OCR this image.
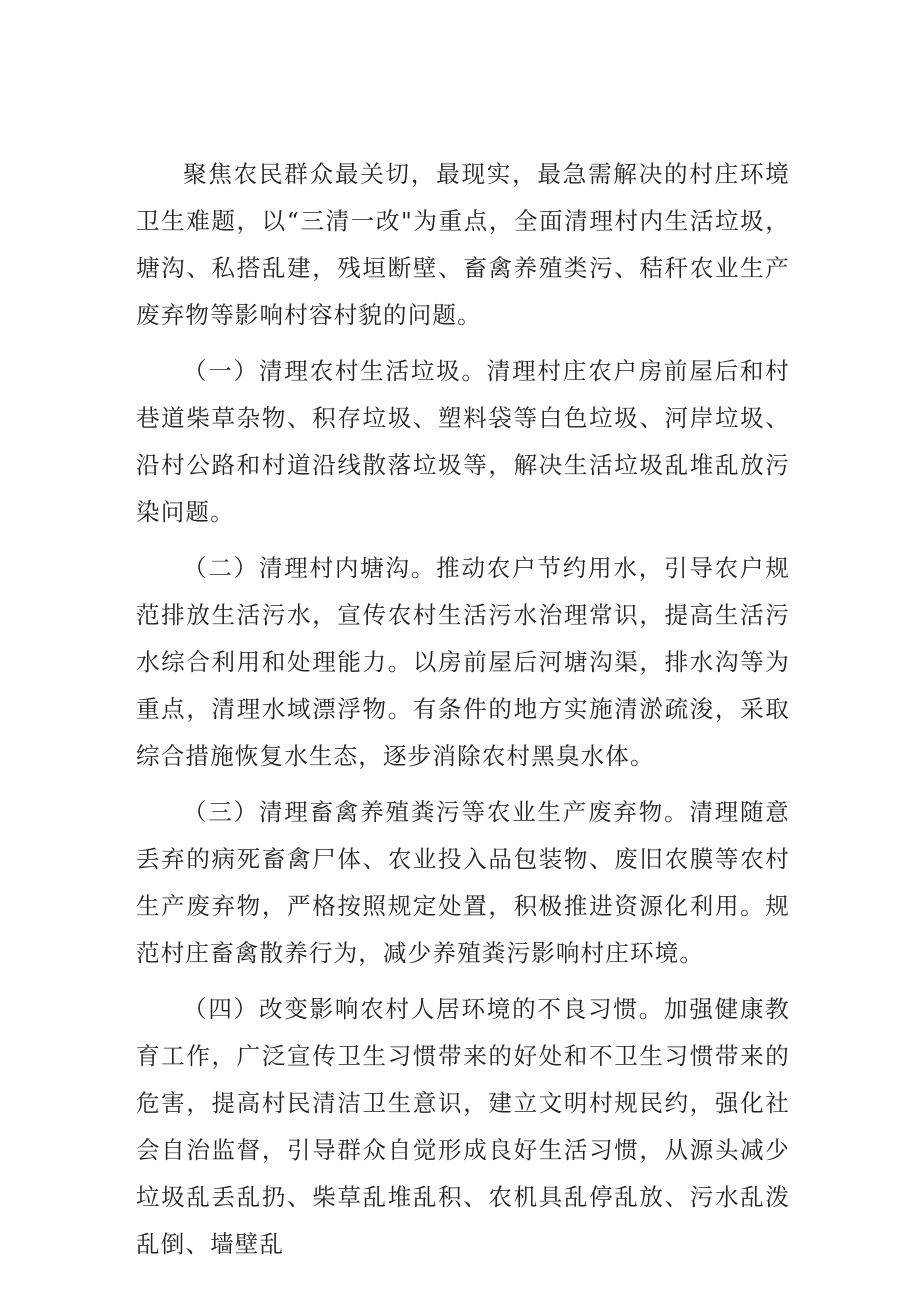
聚焦农民群众最关切，最现实，最急需解决的村庄环境卫生难题，以“三清一改"为重点，全面清理村内生活垃圾，塘沟、私搭乱建，残垣断壁、畜禽养殖类污、秸秆农业生产废弃物等影响村容村貌的问题。

（一）清理农村生活垃圾。清理村庄农户房前屋后和村巷道柴草杂物、积存垃圾、塑料袋等白色垃圾、河岸垃圾、沿村公路和村道沿线散落垃圾等，解决生活垃圾乱堆乱放污染问题。

（二）清理村内塘沟。推动农户节约用水，引导农户规范排放生活污水，宣传农村生活污水治理常识，提高生活污水综合利用和处理能力。以房前屋后河塘沟渠，排水沟等为重点，清理水域漂浮物。有条件的地方实施清淤疏浚，采取综合措施恢复水生态，逐步消除农村黑臭水体。

（三）清理畜禽养殖粪污等农业生产废弃物。清理随意丢弃的病死畜禽尸体、农业投入品包装物、废旧农膜等农村生产废弃物，严格按照规定处置，积极推进资源化利用。规范村庄畜禽散养行为，减少养殖粪污影响村庄环境。

（四）改变影响农村人居环境的不良习惯。加强健康教育工作，广泛宣传卫生习惯带来的好处和不卫生习惯带来的危害，提高村民清洁卫生意识，建立文明村规民约，强化社会自治监督，引导群众自觉形成良好生活习惯，从源头减少垃圾乱丢乱扔、柴草乱堆乱积、农机具乱停乱放、污水乱泼乱倒、墙壁乱
